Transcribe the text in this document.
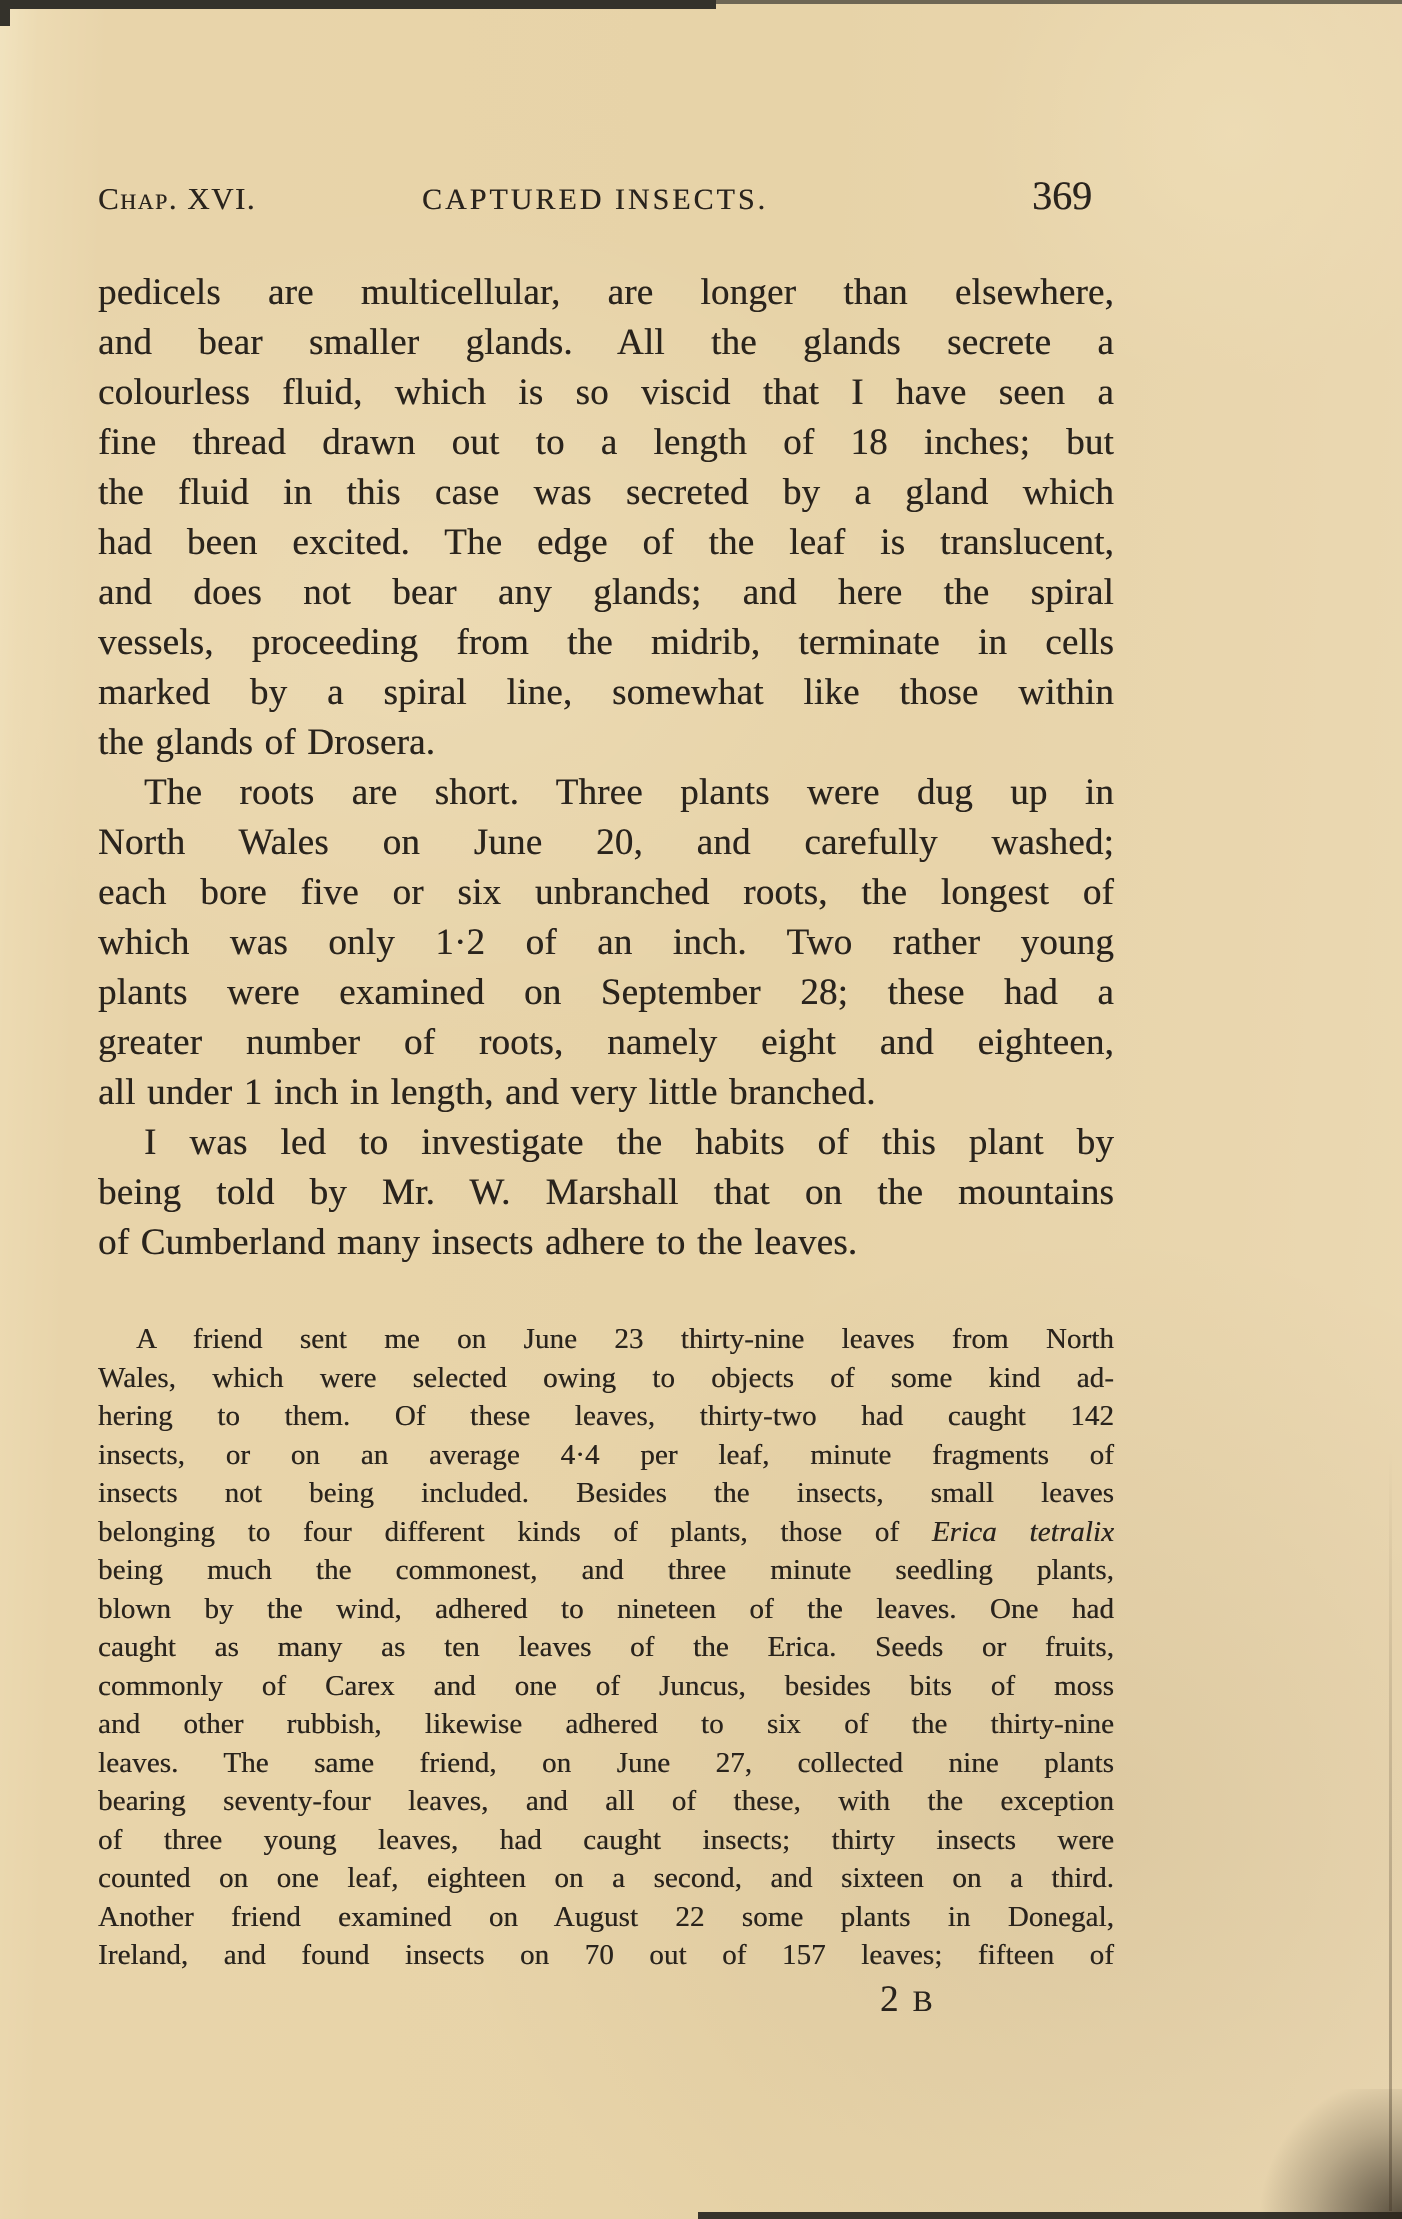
Chap. XVI.	CAPTURED INSECTS.	369
pedicels are multicellular, are longer than elsewhere,
and bear smaller glands. All the glands secrete a
colourless fluid, which is so viscid that I have seen a
fine thread drawn out to a length of 18 inches; but
the fluid in this case was secreted by a gland which
had been excited. The edge of the leaf is translucent,
and does not bear any glands; and here the spiral
vessels, proceeding from the midrib, terminate in cells
marked by a spiral line, somewhat like those within
the glands of Drosera.
The roots are short. Three plants were dug up in
North Wales on June 20, and carefully washed;
each bore five or six unbranched roots, the longest of
which was only 1·2 of an inch. Two rather young
plants were examined on September 28; these had a
greater number of roots, namely eight and eighteen,
all under 1 inch in length, and very little branched.
I was led to investigate the habits of this plant by
being told by Mr. W. Marshall that on the mountains
of Cumberland many insects adhere to the leaves.
A friend sent me on June 23 thirty-nine leaves from North
Wales, which were selected owing to objects of some kind ad-
hering to them. Of these leaves, thirty-two had caught 142
insects, or on an average 4·4 per leaf, minute fragments of
insects not being included. Besides the insects, small leaves
belonging to four different kinds of plants, those of Erica tetralix
being much the commonest, and three minute seedling plants,
blown by the wind, adhered to nineteen of the leaves. One had
caught as many as ten leaves of the Erica. Seeds or fruits,
commonly of Carex and one of Juncus, besides bits of moss
and other rubbish, likewise adhered to six of the thirty-nine
leaves. The same friend, on June 27, collected nine plants
bearing seventy-four leaves, and all of these, with the exception
of three young leaves, had caught insects; thirty insects were
counted on one leaf, eighteen on a second, and sixteen on a third.
Another friend examined on August 22 some plants in Donegal,
Ireland, and found insects on 70 out of 157 leaves; fifteen of
2 B
